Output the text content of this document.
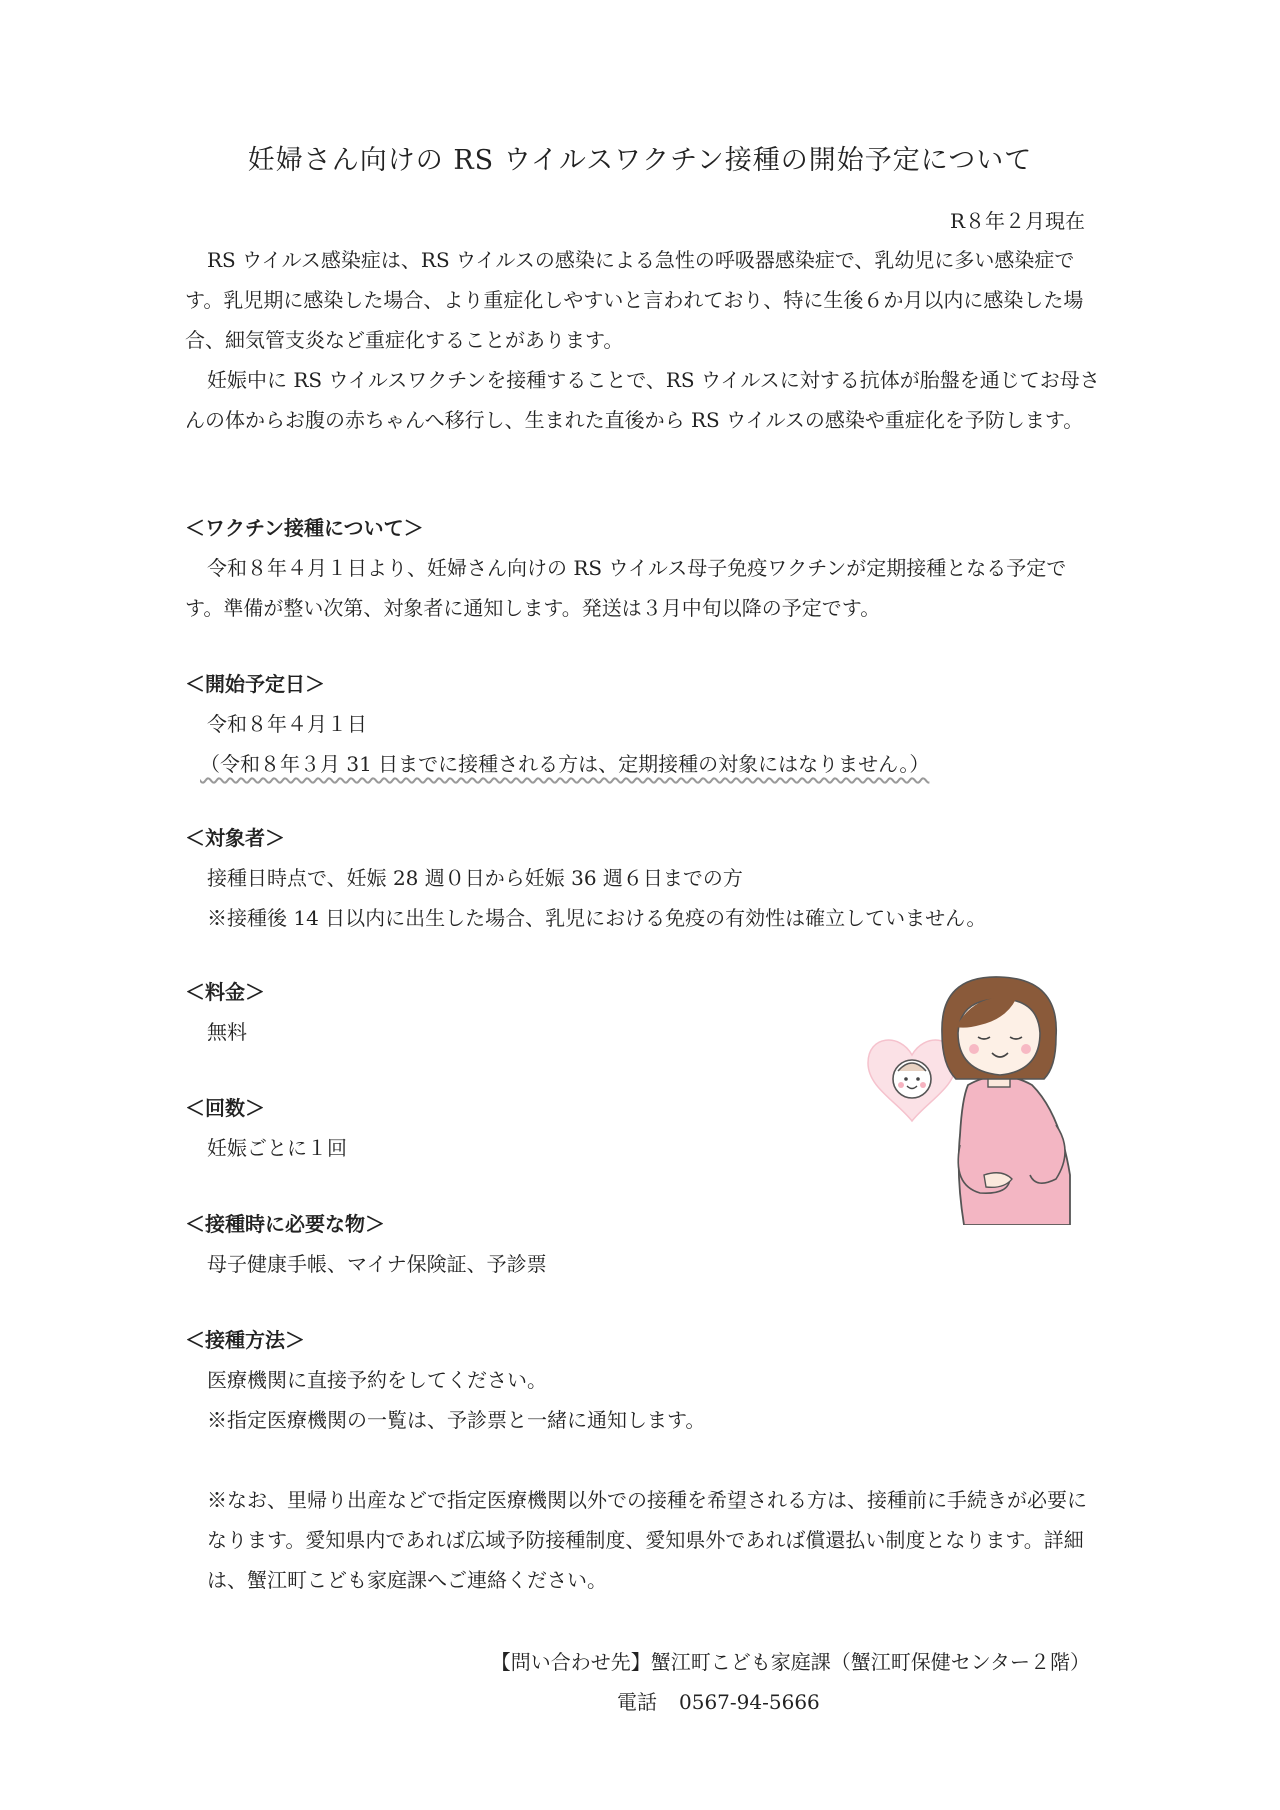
妊婦さん向けの RS ウイルスワクチン接種の開始予定について
R８年２月現在

RS ウイルス感染症は、RS ウイルスの感染による急性の呼吸器感染症で、乳幼児に多い感染症です。乳児期に感染した場合、より重症化しやすいと言われており、特に生後６か月以内に感染した場合、細気管支炎など重症化することがあります。

妊娠中に RS ウイルスワクチンを接種することで、RS ウイルスに対する抗体が胎盤を通じてお母さんの体からお腹の赤ちゃんへ移行し、生まれた直後から RS ウイルスの感染や重症化を予防します。

＜ワクチン接種について＞

令和８年４月１日より、妊婦さん向けの RS ウイルス母子免疫ワクチンが定期接種となる予定です。準備が整い次第、対象者に通知します。発送は３月中旬以降の予定です。

＜開始予定日＞

令和８年４月１日

（令和８年３月 31 日までに接種される方は、定期接種の対象にはなりません。）

＜対象者＞

接種日時点で、妊娠 28 週０日から妊娠 36 週６日までの方

※接種後 14 日以内に出生した場合、乳児における免疫の有効性は確立していません。

＜料金＞

無料

＜回数＞

妊娠ごとに１回

＜接種時に必要な物＞

母子健康手帳、マイナ保険証、予診票

＜接種方法＞

医療機関に直接予約をしてください。

※指定医療機関の一覧は、予診票と一緒に通知します。

※なお、里帰り出産などで指定医療機関以外での接種を希望される方は、接種前に手続きが必要になります。愛知県内であれば広域予防接種制度、愛知県外であれば償還払い制度となります。詳細は、蟹江町こども家庭課へご連絡ください。

【問い合わせ先】蟹江町こども家庭課（蟹江町保健センター２階）
電話 0567-94-5666
